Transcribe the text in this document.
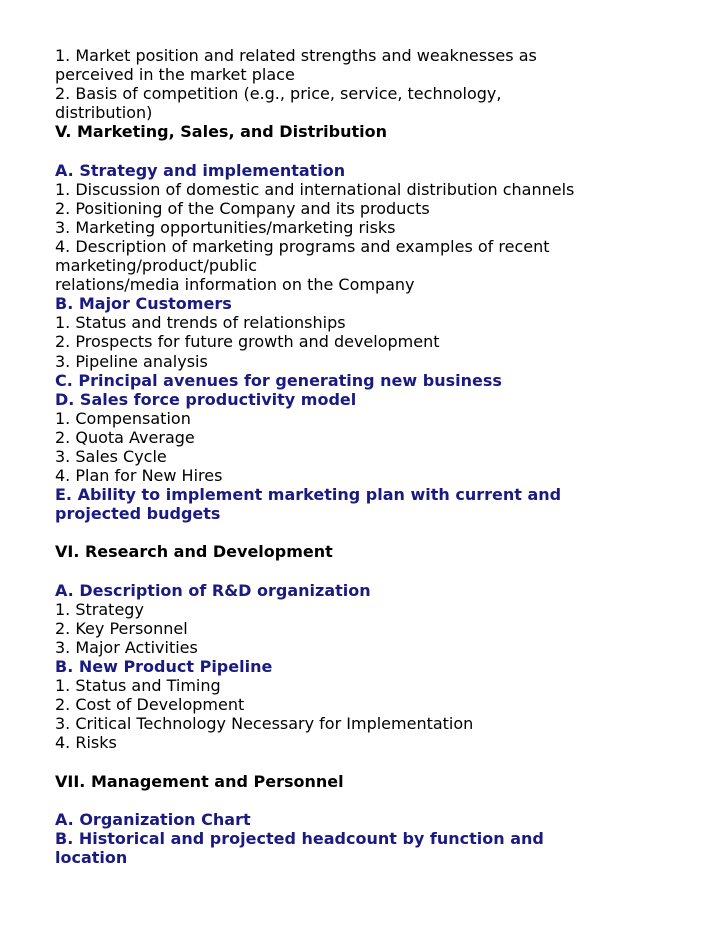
1. Market position and related strengths and weaknesses as
perceived in the market place
2. Basis of competition (e.g., price, service, technology,
distribution)
V. Marketing, Sales, and Distribution
A. Strategy and implementation
1. Discussion of domestic and international distribution channels
2. Positioning of the Company and its products
3. Marketing opportunities/marketing risks
4. Description of marketing programs and examples of recent
marketing/product/public
relations/media information on the Company
B. Major Customers
1. Status and trends of relationships
2. Prospects for future growth and development
3. Pipeline analysis
C. Principal avenues for generating new business
D. Sales force productivity model
1. Compensation
2. Quota Average
3. Sales Cycle
4. Plan for New Hires
E. Ability to implement marketing plan with current and
projected budgets
VI. Research and Development
A. Description of R&D organization
1. Strategy
2. Key Personnel
3. Major Activities
B. New Product Pipeline
1. Status and Timing
2. Cost of Development
3. Critical Technology Necessary for Implementation
4. Risks
VII. Management and Personnel
A. Organization Chart
B. Historical and projected headcount by function and
location
